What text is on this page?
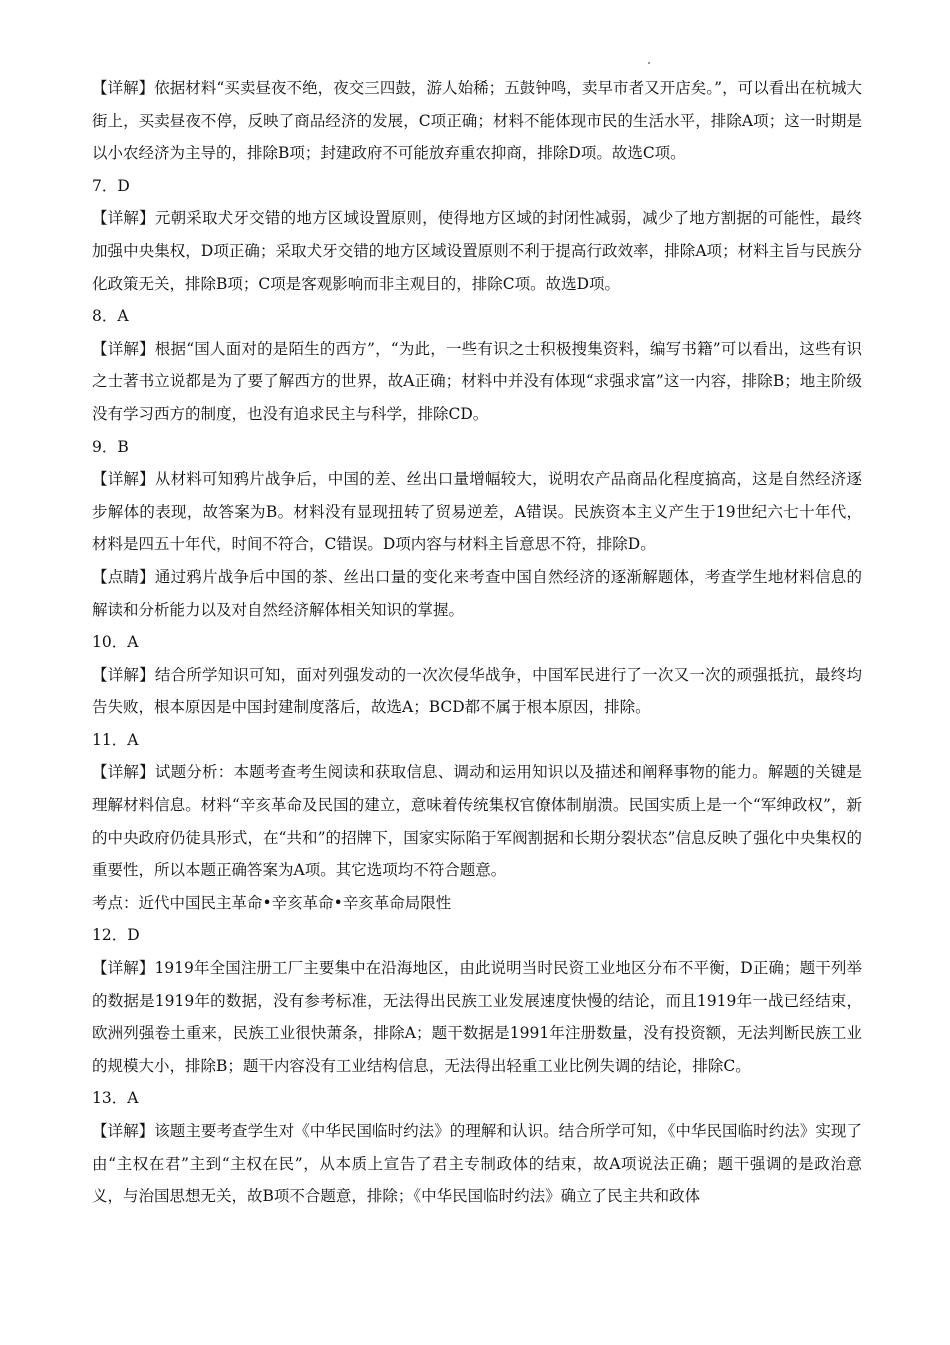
【详解】依据材料“买卖昼夜不绝，夜交三四鼓，游人始稀；五鼓钟鸣，卖早市者又开店矣。”，可以看出在杭城大街上，买卖昼夜不停，反映了商品经济的发展，C项正确；材料不能体现市民的生活水平，排除A项；这一时期是以小农经济为主导的，排除B项；封建政府不可能放弃重农抑商，排除D项。故选C项。

7．D

【详解】元朝采取犬牙交错的地方区域设置原则，使得地方区域的封闭性减弱，减少了地方割据的可能性，最终加强中央集权，D项正确；采取犬牙交错的地方区域设置原则不利于提高行政效率，排除A项；材料主旨与民族分化政策无关，排除B项；C项是客观影响而非主观目的，排除C项。故选D项。

8．A

【详解】根据“国人面对的是陌生的西方”，“为此，一些有识之士积极搜集资料，编写书籍”可以看出，这些有识之士著书立说都是为了要了解西方的世界，故A正确；材料中并没有体现“求强求富”这一内容，排除B；地主阶级没有学习西方的制度，也没有追求民主与科学，排除CD。

9．B

【详解】从材料可知鸦片战争后，中国的差、丝出口量增幅较大，说明农产品商品化程度搞高，这是自然经济逐步解体的表现，故答案为B。材料没有显现扭转了贸易逆差，A错误。民族资本主义产生于19世纪六七十年代，材料是四五十年代，时间不符合，C错误。D项内容与材料主旨意思不符，排除D。

【点睛】通过鸦片战争后中国的茶、丝出口量的变化来考查中国自然经济的逐渐解题体，考查学生地材料信息的解读和分析能力以及对自然经济解体相关知识的掌握。

10．A

【详解】结合所学知识可知，面对列强发动的一次次侵华战争，中国军民进行了一次又一次的顽强抵抗，最终均告失败，根本原因是中国封建制度落后，故选A；BCD都不属于根本原因，排除。

11．A

【详解】试题分析：本题考查考生阅读和获取信息、调动和运用知识以及描述和阐释事物的能力。解题的关键是理解材料信息。材料“辛亥革命及民国的建立，意味着传统集权官僚体制崩溃。民国实质上是一个“军绅政权”，新的中央政府仍徒具形式，在“共和”的招牌下，国家实际陷于军阀割据和长期分裂状态”信息反映了强化中央集权的重要性，所以本题正确答案为A项。其它选项均不符合题意。

考点：近代中国民主革命•辛亥革命•辛亥革命局限性

12．D

【详解】1919年全国注册工厂主要集中在沿海地区，由此说明当时民资工业地区分布不平衡，D正确；题干列举的数据是1919年的数据，没有参考标准，无法得出民族工业发展速度快慢的结论，而且1919年一战已经结束，欧洲列强卷土重来，民族工业很快萧条，排除A；题干数据是1991年注册数量，没有投资额，无法判断民族工业的规模大小，排除B；题干内容没有工业结构信息，无法得出轻重工业比例失调的结论，排除C。

13．A

【详解】该题主要考查学生对《中华民国临时约法》的理解和认识。结合所学可知，《中华民国临时约法》实现了由“主权在君”主到“主权在民”，从本质上宣告了君主专制政体的结束，故A项说法正确；题干强调的是政治意义，与治国思想无关，故B项不合题意，排除；《中华民国临时约法》确立了民主共和政体
